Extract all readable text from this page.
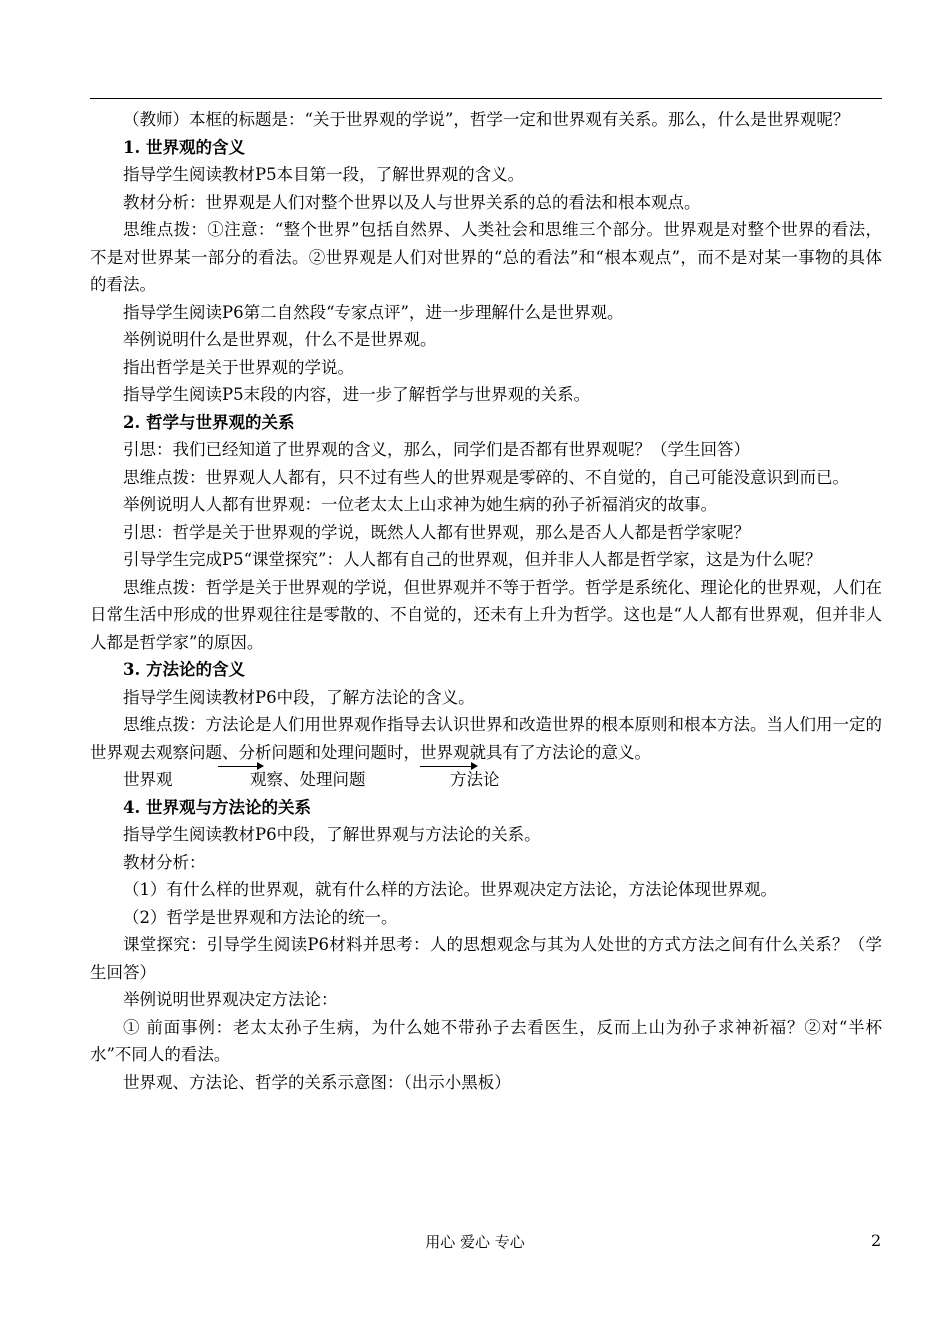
（教师）本框的标题是：“关于世界观的学说”，哲学一定和世界观有关系。那么，什么是世界观呢？

1. 世界观的含义

指导学生阅读教材P5本目第一段，了解世界观的含义。

教材分析：世界观是人们对整个世界以及人与世界关系的总的看法和根本观点。

思维点拨：①注意：“整个世界”包括自然界、人类社会和思维三个部分。世界观是对整个世界的看法，不是对世界某一部分的看法。②世界观是人们对世界的“总的看法”和“根本观点”，而不是对某一事物的具体的看法。

指导学生阅读P6第二自然段“专家点评”，进一步理解什么是世界观。

举例说明什么是世界观，什么不是世界观。

指出哲学是关于世界观的学说。

指导学生阅读P5末段的内容，进一步了解哲学与世界观的关系。

2. 哲学与世界观的关系

引思：我们已经知道了世界观的含义，那么，同学们是否都有世界观呢？（学生回答）

思维点拨：世界观人人都有，只不过有些人的世界观是零碎的、不自觉的，自己可能没意识到而已。

举例说明人人都有世界观：一位老太太上山求神为她生病的孙子祈福消灾的故事。

引思：哲学是关于世界观的学说，既然人人都有世界观，那么是否人人都是哲学家呢？

引导学生完成P5“课堂探究”：人人都有自己的世界观，但并非人人都是哲学家，这是为什么呢？

思维点拨：哲学是关于世界观的学说，但世界观并不等于哲学。哲学是系统化、理论化的世界观，人们在日常生活中形成的世界观往往是零散的、不自觉的，还未有上升为哲学。这也是“人人都有世界观，但并非人人都是哲学家”的原因。

3. 方法论的含义

指导学生阅读教材P6中段，了解方法论的含义。

思维点拨：方法论是人们用世界观作指导去认识世界和改造世界的根本原则和根本方法。当人们用一定的世界观去观察问题、分析问题和处理问题时，世界观就具有了方法论的意义。

世界观	观察、处理问题	方法论

4. 世界观与方法论的关系

指导学生阅读教材P6中段，了解世界观与方法论的关系。

教材分析：

（1）有什么样的世界观，就有什么样的方法论。世界观决定方法论，方法论体现世界观。

（2）哲学是世界观和方法论的统一。

课堂探究：引导学生阅读P6材料并思考：人的思想观念与其为人处世的方式方法之间有什么关系？（学生回答）

举例说明世界观决定方法论：

① 前面事例：老太太孙子生病，为什么她不带孙子去看医生，反而上山为孙子求神祈福？②对“半杯水”不同人的看法。

世界观、方法论、哲学的关系示意图：（出示小黑板）

用心 爱心 专心	2
